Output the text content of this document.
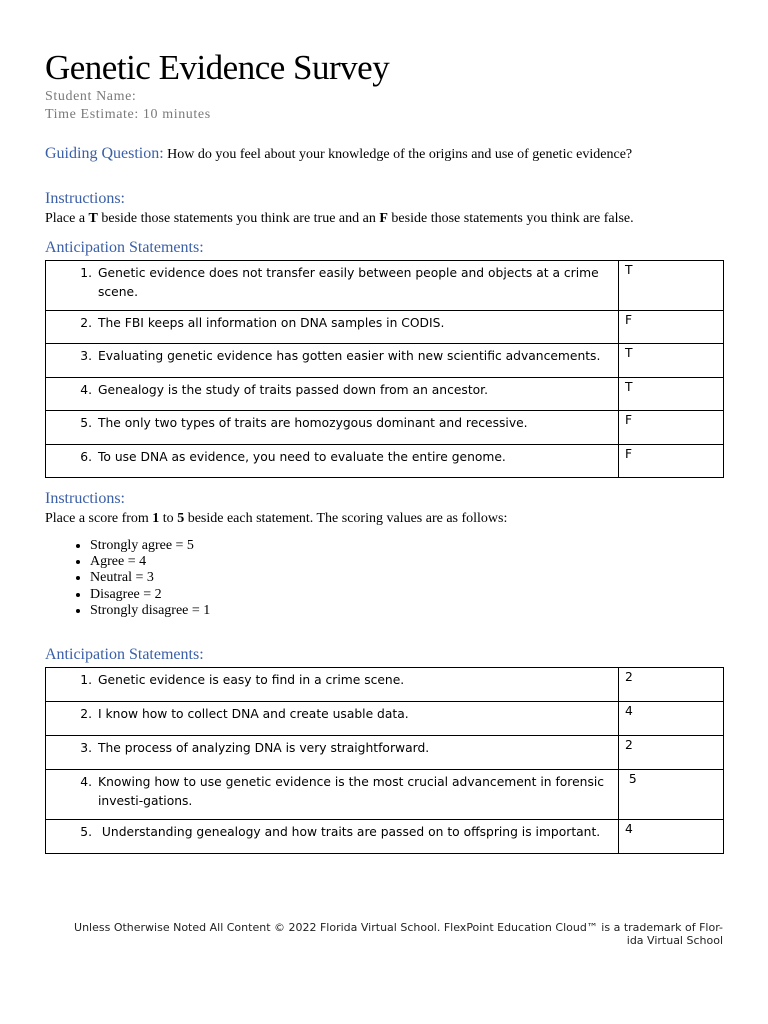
Genetic Evidence Survey
Student Name:
Time Estimate: 10 minutes
Guiding Question: How do you feel about your knowledge of the origins and use of genetic evidence?
Instructions:
Place a T beside those statements you think are true and an F beside those statements you think are false.
Anticipation Statements:
1. Genetic evidence does not transfer easily between people and objects at a crime scene.	T

2. The FBI keeps all information on DNA samples in CODIS.	F

3. Evaluating genetic evidence has gotten easier with new scientific advancements.	T

4. Genealogy is the study of traits passed down from an ancestor.	T

5. The only two types of traits are homozygous dominant and recessive.	F

6. To use DNA as evidence, you need to evaluate the entire genome.	F
Instructions:
Place a score from 1 to 5 beside each statement. The scoring values are as follows:
• Strongly agree = 5
• Agree = 4
• Neutral = 3
• Disagree = 2
• Strongly disagree = 1
Anticipation Statements:
1. Genetic evidence is easy to find in a crime scene.	2

2. I know how to collect DNA and create usable data.	4

3. The process of analyzing DNA is very straightforward.	2

4. Knowing how to use genetic evidence is the most crucial advancement in forensic investi-gations.	5

5. Understanding genealogy and how traits are passed on to offspring is important.	4
Unless Otherwise Noted All Content © 2022 Florida Virtual School. FlexPoint Education Cloud™ is a trademark of Flor-
ida Virtual School
